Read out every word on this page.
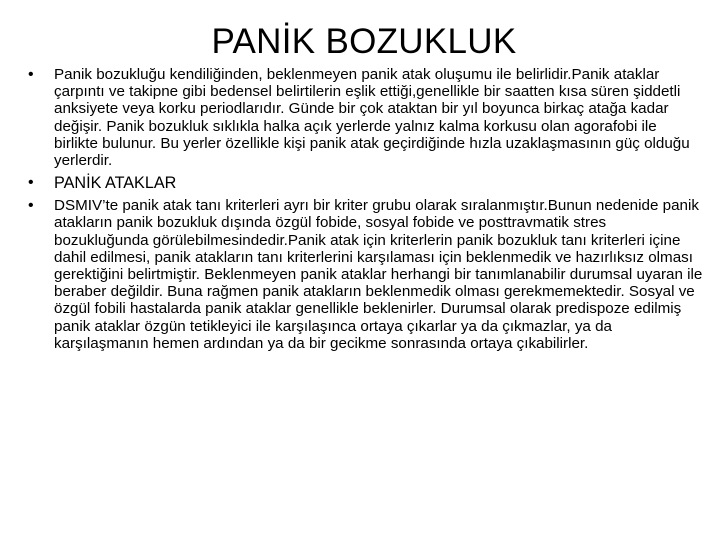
PANİK BOZUKLUK
• Panik bozukluğu kendiliğinden, beklenmeyen panik atak oluşumu ile belirlidir.Panik ataklar çarpıntı ve takipne gibi bedensel belirtilerin eşlik ettiği,genellikle bir saatten kısa süren şiddetli anksiyete veya korku periodlarıdır. Günde bir çok ataktan bir yıl boyunca birkaç atağa kadar değişir. Panik bozukluk sıklıkla halka açık yerlerde yalnız kalma korkusu olan agorafobi ile birlikte bulunur. Bu yerler özellikle kişi panik atak geçirdiğinde hızla uzaklaşmasının güç olduğu yerlerdir.
• PANİK ATAKLAR
• DSMIV’te panik atak tanı kriterleri ayrı bir kriter grubu olarak sıralanmıştır.Bunun nedenide panik atakların panik bozukluk dışında özgül fobide, sosyal fobide ve posttravmatik stres bozukluğunda görülebilmesindedir.Panik atak için kriterlerin panik bozukluk tanı kriterleri içine dahil edilmesi, panik atakların tanı kriterlerini karşılaması için beklenmedik ve hazırlıksız olması gerektiğini belirtmiştir. Beklenmeyen panik ataklar herhangi bir tanımlanabilir durumsal uyaran ile beraber değildir. Buna rağmen panik atakların beklenmedik olması gerekmemektedir. Sosyal ve özgül fobili hastalarda panik ataklar genellikle beklenirler. Durumsal olarak predispoze edilmiş panik ataklar özgün tetikleyici ile karşılaşınca ortaya çıkarlar ya da çıkmazlar, ya da karşılaşmanın hemen ardından ya da bir gecikme sonrasında ortaya çıkabilirler.
